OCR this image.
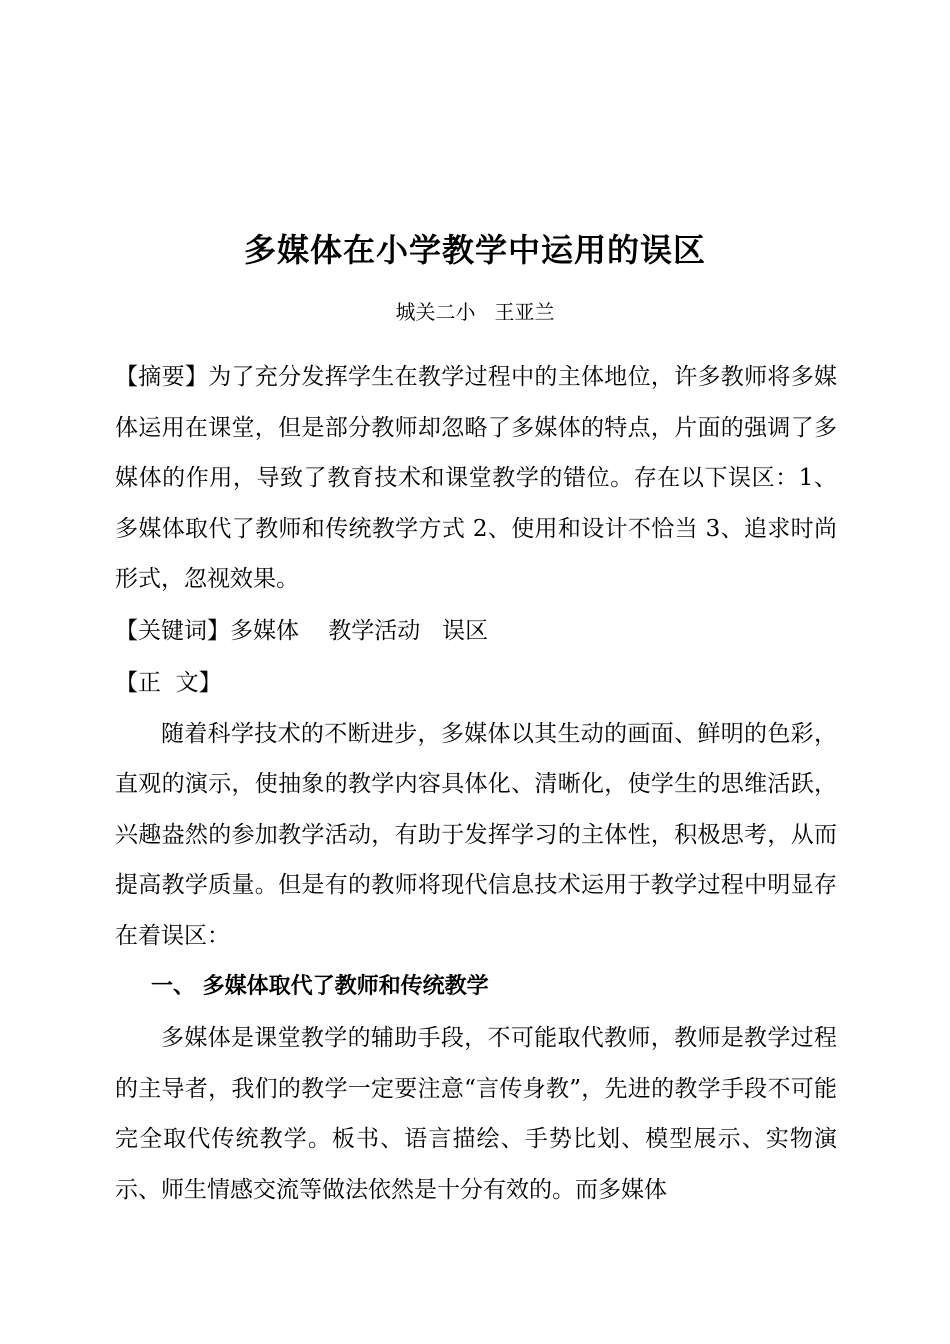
多媒体在小学教学中运用的误区
城关二小   王亚兰

【摘要】为了充分发挥学生在教学过程中的主体地位，许多教师将多媒体运用在课堂，但是部分教师却忽略了多媒体的特点，片面的强调了多媒体的作用，导致了教育技术和课堂教学的错位。存在以下误区：1、多媒体取代了教师和传统教学方式 2、使用和设计不恰当 3、追求时尚形式，忽视效果。

【关键词】多媒体    教学活动   误区

【正  文】

随着科学技术的不断进步，多媒体以其生动的画面、鲜明的色彩，直观的演示，使抽象的教学内容具体化、清晰化，使学生的思维活跃，兴趣盎然的参加教学活动，有助于发挥学习的主体性，积极思考，从而提高教学质量。但是有的教师将现代信息技术运用于教学过程中明显存在着误区：

一、 多媒体取代了教师和传统教学

多媒体是课堂教学的辅助手段，不可能取代教师，教师是教学过程的主导者，我们的教学一定要注意“言传身教”，先进的教学手段不可能完全取代传统教学。板书、语言描绘、手势比划、模型展示、实物演示、师生情感交流等做法依然是十分有效的。而多媒体
